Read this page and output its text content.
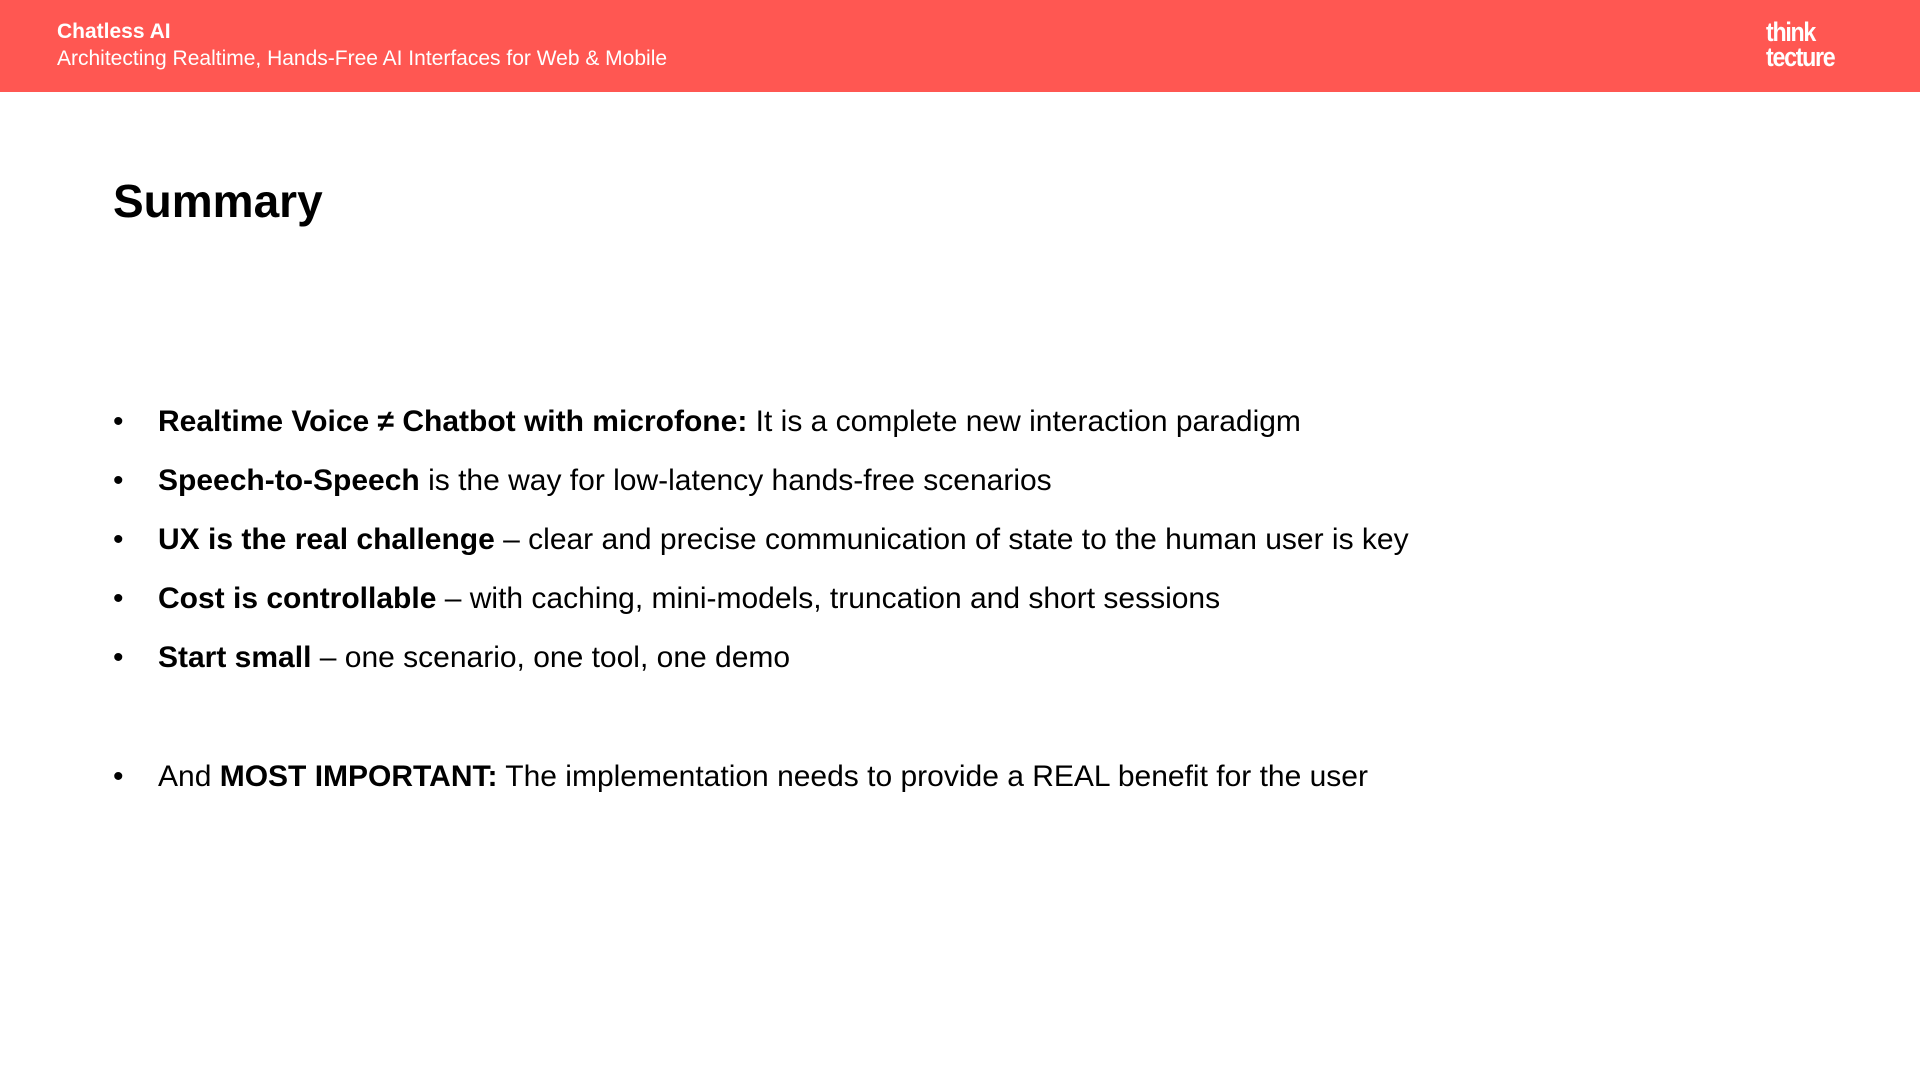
Chatless AI
Architecting Realtime, Hands-Free AI Interfaces for Web & Mobile
think
tecture
Summary
•	Realtime Voice ≠ Chatbot with microfone: It is a complete new interaction paradigm
•	Speech-to-Speech is the way for low-latency hands-free scenarios
•	UX is the real challenge – clear and precise communication of state to the human user is key
•	Cost is controllable – with caching, mini-models, truncation and short sessions
•	Start small – one scenario, one tool, one demo
•	And MOST IMPORTANT: The implementation needs to provide a REAL benefit for the user
